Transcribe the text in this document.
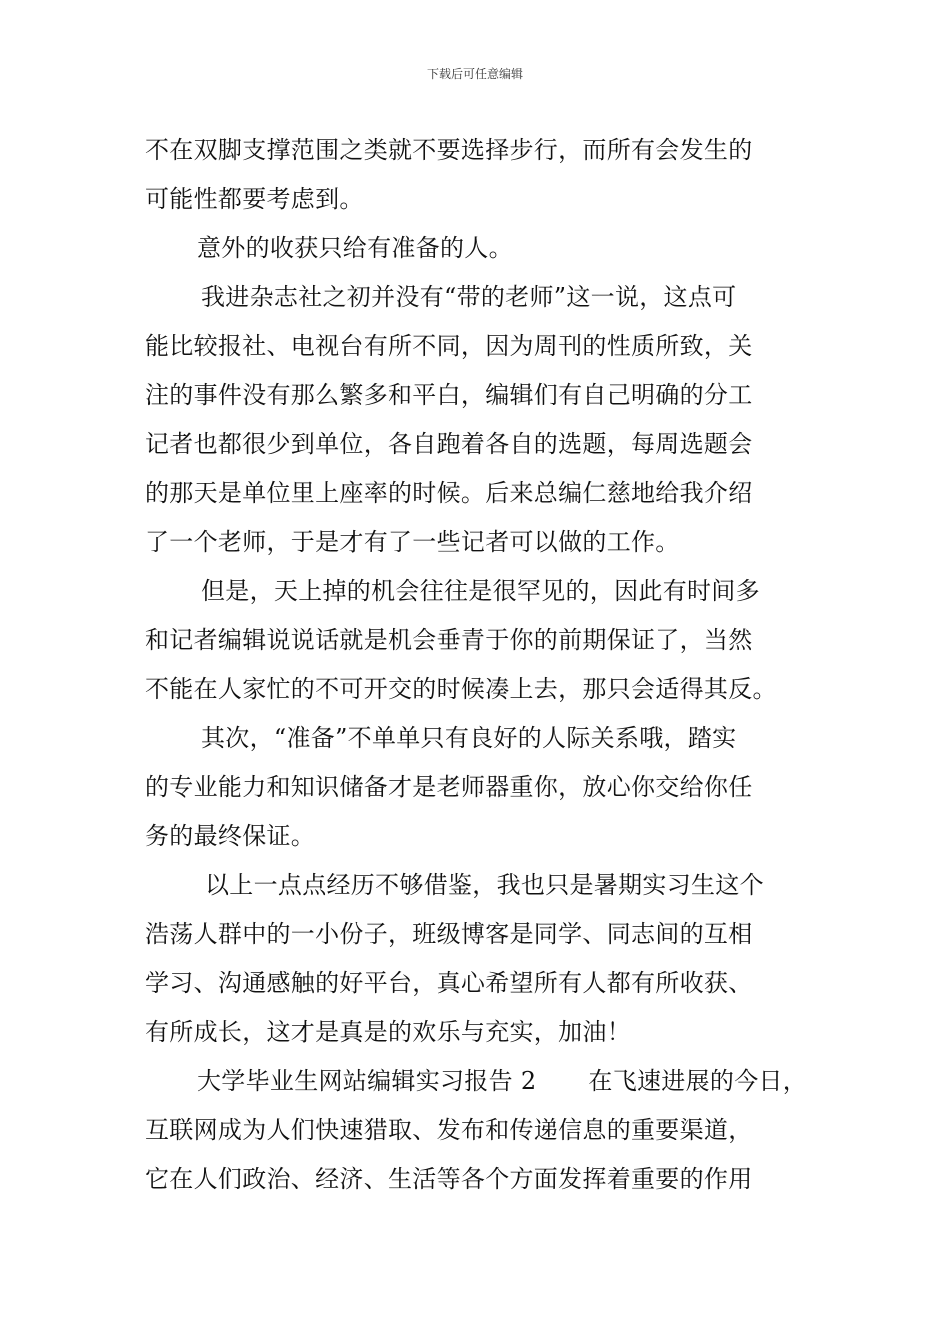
下载后可任意编辑
不在双脚支撑范围之类就不要选择步行，而所有会发生的
可能性都要考虑到。
意外的收获只给有准备的人。
我进杂志社之初并没有“带的老师”这一说，这点可
能比较报社、电视台有所不同，因为周刊的性质所致，关
注的事件没有那么繁多和平白，编辑们有自己明确的分工
记者也都很少到单位，各自跑着各自的选题，每周选题会
的那天是单位里上座率的时候。后来总编仁慈地给我介绍
了一个老师，于是才有了一些记者可以做的工作。
但是，天上掉的机会往往是很罕见的，因此有时间多
和记者编辑说说话就是机会垂青于你的前期保证了，当然
不能在人家忙的不可开交的时候凑上去，那只会适得其反。
其次，“准备”不单单只有良好的人际关系哦，踏实
的专业能力和知识储备才是老师器重你，放心你交给你任
务的最终保证。
以上一点点经历不够借鉴，我也只是暑期实习生这个
浩荡人群中的一小份子，班级博客是同学、同志间的互相
学习、沟通感触的好平台，真心希望所有人都有所收获、
有所成长，这才是真是的欢乐与充实，加油！
大学毕业生网站编辑实习报告 2 在飞速进展的今日，
互联网成为人们快速猎取、发布和传递信息的重要渠道，
它在人们政治、经济、生活等各个方面发挥着重要的作用
